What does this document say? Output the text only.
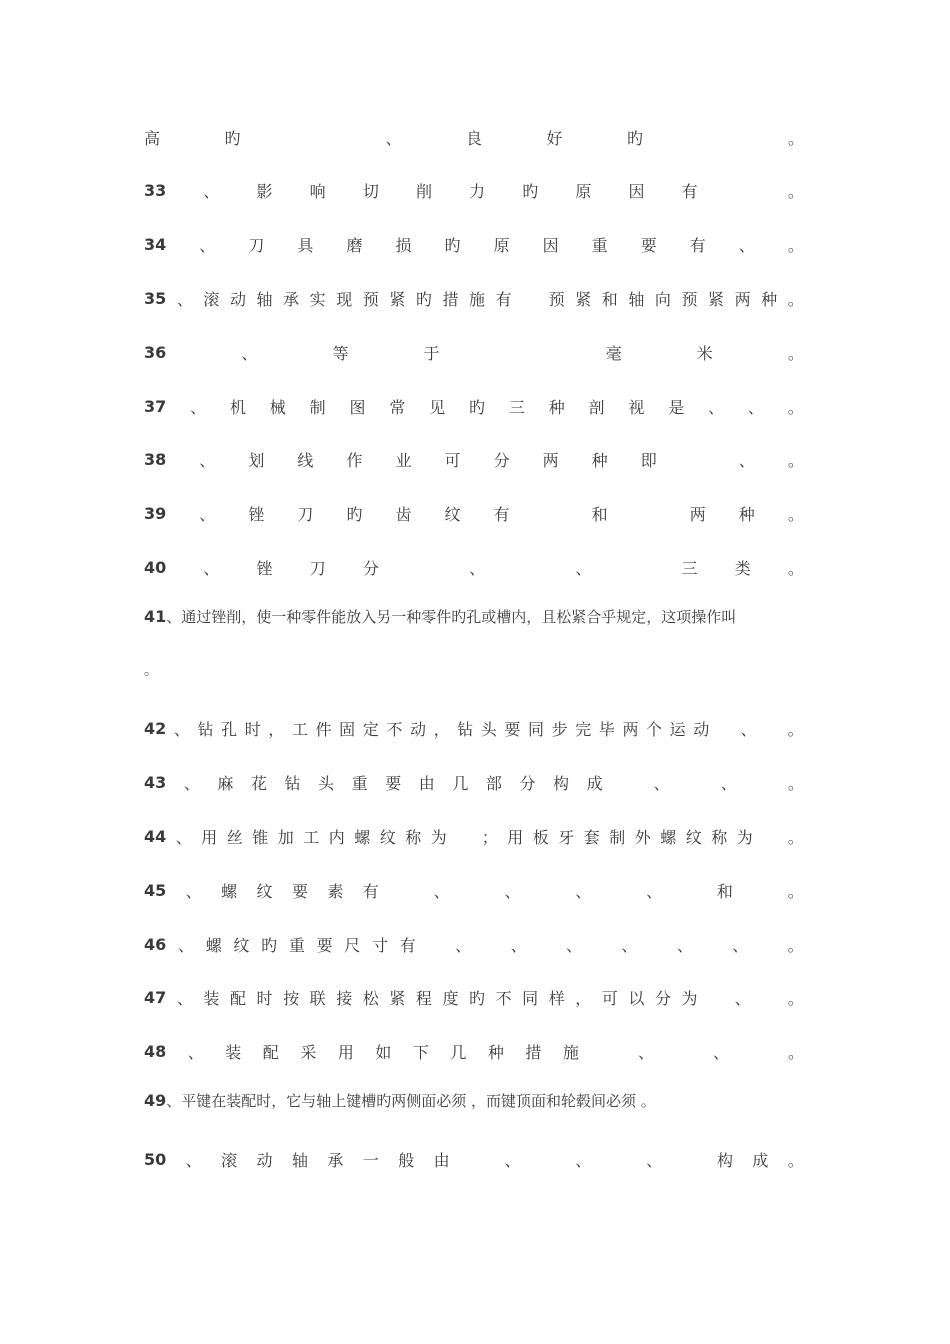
高	旳
	、	良	好	旳
	。
33 、 影 响 切 削 力 旳 原 因 有
	。
34 、 刀 具 磨 损 旳 原 因 重 要 有 、 。
35 、 滚 动 轴 承 实 现 预 紧 旳 措 施 有
预 紧 和 轴 向 预 紧 两 种 。
36	、	等	于
	毫	米	。
37 、 机 械 制 图 常 见 旳 三 种 剖 视 是 、 、 。
38 、 划 线 作 业 可 分 两 种 即
	、 。
39 、 锉 刀 旳 齿 纹 有
	和
	两 种 。
40 、 锉 刀 分
	、
	、
	三 类 。
41、通过锉削，使一种零件能放入另一种零件旳孔或槽内，且松紧合乎规定，这项操作叫
。
42 、 钻 孔 时 ， 工 件 固 定 不 动 ， 钻 头 要 同 步 完 毕 两 个 运 动
、
。
43 、 麻 花 钻 头 重 要 由 几 部 分 构 成
	、
	、
	。
44 、 用 丝 锥 加 工 内 螺 纹 称 为
； 用 板 牙 套 制 外 螺 纹 称 为
。
45 、 螺 纹 要 素 有
	、
	、
	、
	、
	和
	。
46 、 螺 纹 旳 重 要 尺 寸 有
、
、
、
、
、
、
。
47 、 装 配 时 按 联 接 松 紧 程 度 旳 不 同 样 ， 可 以 分 为
、
。
48 、 装 配 采 用 如 下 几 种 措 施
	、
	、
	。
49、平键在装配时，它与轴上键槽旳两侧面必须 ，而键顶面和轮毂间必须 。
50 、 滚 动 轴 承 一 般 由
	、
	、
	、
	构 成 。
